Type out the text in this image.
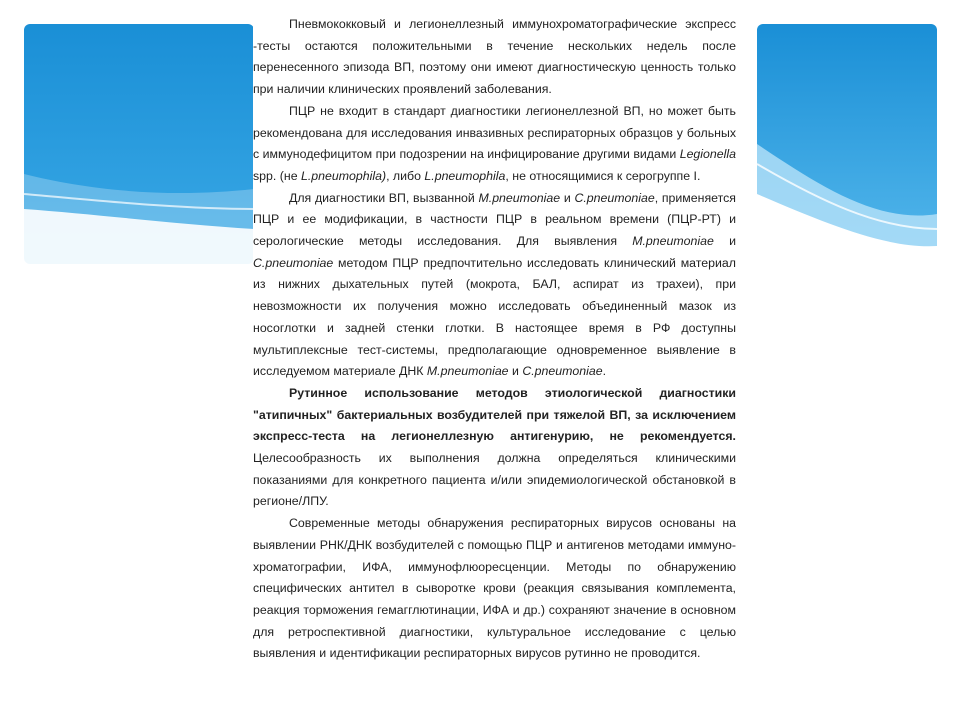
Пневмококковый и легионеллезный иммунохроматографические экспресс -тесты остаются положительными в течение нескольких недель после перенесенного эпизода ВП, поэтому они имеют диагностическую ценность только при наличии клинических проявлений заболевания.

ПЦР не входит в стандарт диагностики легионеллезной ВП, но может быть рекомендована для исследования инвазивных респираторных образцов у больных с иммунодефицитом при подозрении на инфицирование другими видами Legionella spp. (не L.pneumophila), либо L.pneumophila, не относящимися к серогруппе I.

Для диагностики ВП, вызванной M.pneumoniae и C.pneumoniae, применяется ПЦР и ее модификации, в частности ПЦР в реальном времени (ПЦР-РТ) и серологические методы исследования. Для выявления M.pneumoniae и C.pneumoniae методом ПЦР предпочтительно исследовать клинический материал из нижних дыхательных путей (мокрота, БАЛ, аспират из трахеи), при невозможности их получения можно исследовать объединенный мазок из носоглотки и задней стенки глотки. В настоящее время в РФ доступны мультиплексные тест-системы, предполагающие одновременное выявление в исследуемом материале ДНК M.pneumoniae и C.pneumoniae.

Рутинное использование методов этиологической диагностики "атипичных" бактериальных возбудителей при тяжелой ВП, за исключением экспресс-теста на легионеллезную антигенурию, не рекомендуется. Целесообразность их выполнения должна определяться клиническими показаниями для конкретного пациента и/или эпидемиологической обстановкой в регионе/ЛПУ.

Современные методы обнаружения респираторных вирусов основаны на выявлении РНК/ДНК возбудителей с помощью ПЦР и антигенов методами иммуно-хроматографии, ИФА, иммунофлюоресценции. Методы по обнаружению специфических антител в сыворотке крови (реакция связывания комплемента, реакция торможения гемагглютинации, ИФА и др.) сохраняют значение в основном для ретроспективной диагностики, культуральное исследование с целью выявления и идентификации респираторных вирусов рутинно не проводится.
